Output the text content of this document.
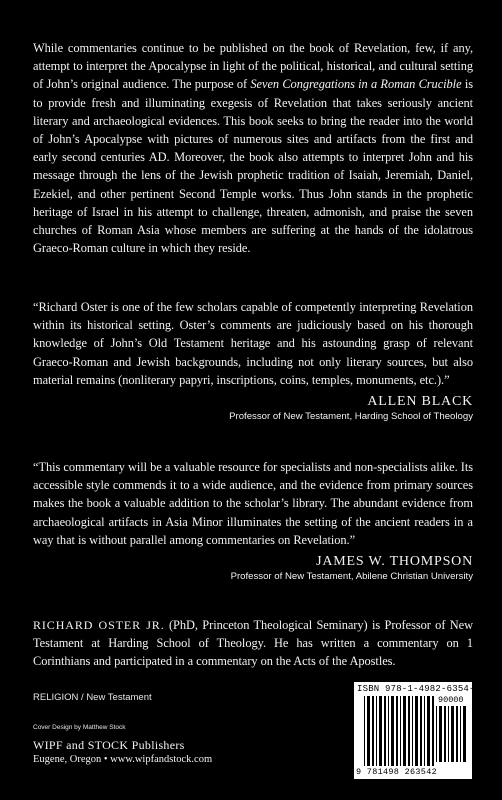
While commentaries continue to be published on the book of Revelation, few, if any, attempt to interpret the Apocalypse in light of the political, historical, and cultural setting of John’s original audience. The purpose of Seven Congregations in a Roman Crucible is to provide fresh and illuminating exegesis of Revelation that takes seriously ancient literary and archaeological evidences. This book seeks to bring the reader into the world of John’s Apocalypse with pictures of numerous sites and artifacts from the first and early second centuries AD. Moreover, the book also attempts to interpret John and his message through the lens of the Jewish prophetic tradition of Isaiah, Jeremiah, Daniel, Ezekiel, and other pertinent Second Temple works. Thus John stands in the prophetic heritage of Israel in his attempt to challenge, threaten, admonish, and praise the seven churches of Roman Asia whose members are suffering at the hands of the idolatrous Graeco-Roman culture in which they reside.

“Richard Oster is one of the few scholars capable of competently interpreting Revelation within its historical setting. Oster’s comments are judiciously based on his thorough knowledge of John’s Old Testament heritage and his astounding grasp of relevant Graeco-Roman and Jewish backgrounds, including not only literary sources, but also material remains (nonliterary papyri, inscriptions, coins, temples, monuments, etc.).”

ALLEN BLACK
Professor of New Testament, Harding School of Theology

“This commentary will be a valuable resource for specialists and non-specialists alike. Its accessible style commends it to a wide audience, and the evidence from primary sources makes the book a valuable addition to the scholar’s library. The abundant evidence from archaeological artifacts in Asia Minor illuminates the setting of the ancient readers in a way that is without parallel among commentaries on Revelation.”

JAMES W. THOMPSON
Professor of New Testament, Abilene Christian University

RICHARD OSTER JR. (PhD, Princeton Theological Seminary) is Professor of New Testament at Harding School of Theology. He has written a commentary on 1 Corinthians and participated in a commentary on the Acts of the Apostles.

RELIGION / New Testament
Cover Design by Matthew Stock
WIPF and STOCK Publishers
Eugene, Oregon • www.wipfandstock.com
ISBN 978-1-4982-6354-2
90000
9 781498 263542
